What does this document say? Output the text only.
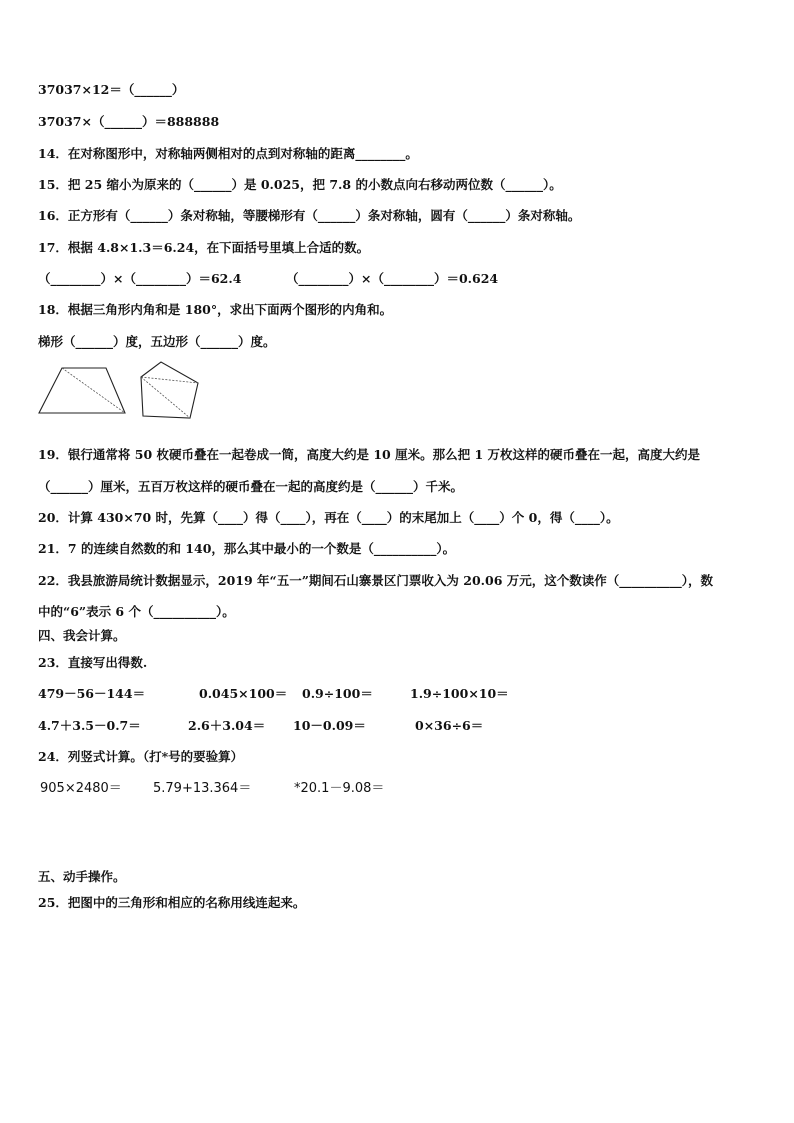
37037×12＝（______）
37037×（______）＝888888
14．在对称图形中，对称轴两侧相对的点到对称轴的距离________。
15．把 25 缩小为原来的（______）是 0.025，把 7.8 的小数点向右移动两位数（______）。
16．正方形有（______）条对称轴，等腰梯形有（______）条对称轴，圆有（______）条对称轴。
17．根据 4.8×1.3＝6.24，在下面括号里填上合适的数。
（________）×（________）＝62.4	（________）×（________）＝0.624
18．根据三角形内角和是 180°，求出下面两个图形的内角和。
梯形（______）度，五边形（______）度。
19．银行通常将 50 枚硬币叠在一起卷成一筒，高度大约是 10 厘米。那么把 1 万枚这样的硬币叠在一起，高度大约是
（______）厘米，五百万枚这样的硬币叠在一起的高度约是（______）千米。
20．计算 430×70 时，先算（____）得（____），再在（____）的末尾加上（____）个 0，得（____）。
21．7 的连续自然数的和 140，那么其中最小的一个数是（__________）。
22．我县旅游局统计数据显示，2019 年“五一”期间石山寨景区门票收入为 20.06 万元，这个数读作（__________），数
中的“6”表示 6 个（__________）。
四、我会计算。
23．直接写出得数.
479－56－144＝	0.045×100＝ 0.9÷100＝	1.9÷100×10＝
4.7＋3.5－0.7＝	2.6＋3.04＝ 10－0.09＝	0×36÷6＝
24．列竖式计算。（打*号的要验算）
905×2480＝ 5.79+13.364＝	*20.1－9.08＝
五、动手操作。
25．把图中的三角形和相应的名称用线连起来。
